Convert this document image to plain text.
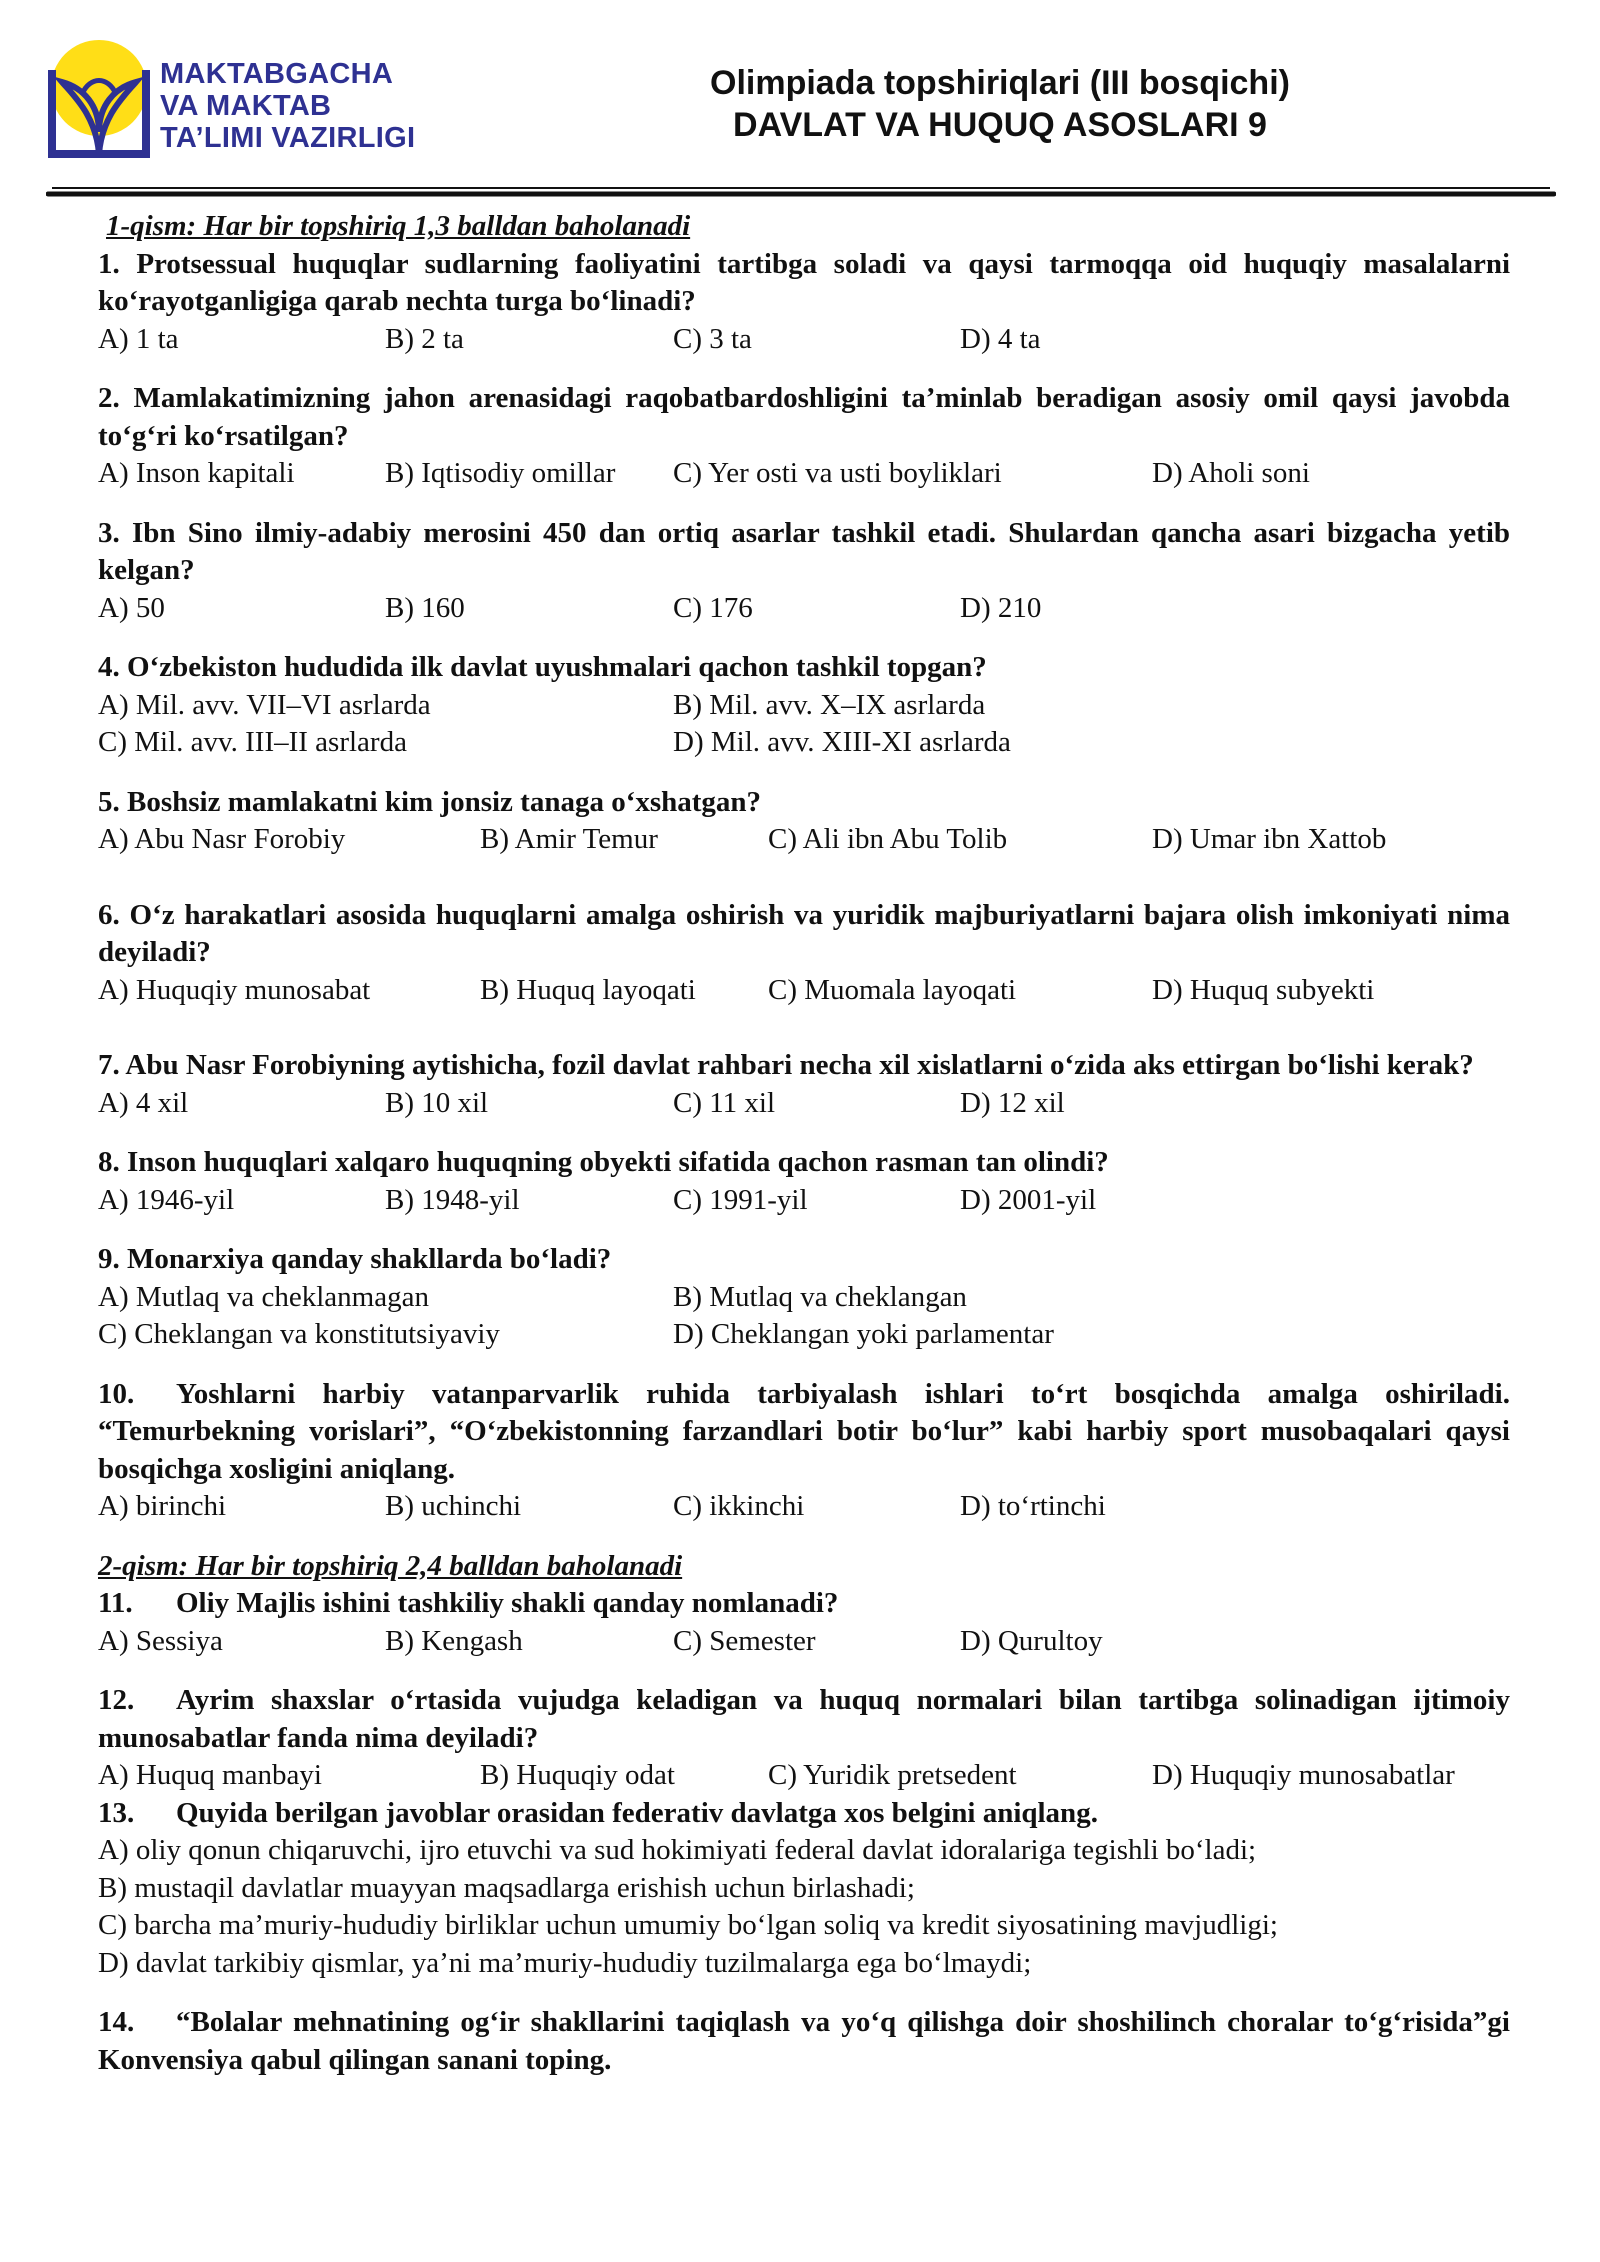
MAKTABGACHA
VA MAKTAB
TA’LIMI VAZIRLIGI
Olimpiada topshiriqlari (III bosqichi)
DAVLAT VA HUQUQ ASOSLARI 9

1-qism: Har bir topshiriq 1,3 balldan baholanadi

1. Protsessual huquqlar sudlarning faoliyatini tartibga soladi va qaysi tarmoqqa oid huquqiy masalalarni ko‘rayotganligiga qarab nechta turga bo‘linadi?

A) 1 ta	B) 2 ta	C) 3 ta	D) 4 ta

2. Mamlakatimizning jahon arenasidagi raqobatbardoshligini ta’minlab beradigan asosiy omil qaysi javobda to‘g‘ri ko‘rsatilgan?

A) Inson kapitali	B) Iqtisodiy omillar C) Yer osti va usti boyliklari	D) Aholi soni

3. Ibn Sino ilmiy-adabiy merosini 450 dan ortiq asarlar tashkil etadi. Shulardan qancha asari bizgacha yetib kelgan?

A) 50	B) 160	C) 176	D) 210

4. O‘zbekiston hududida ilk davlat uyushmalari qachon tashkil topgan?

A) Mil. avv. VII–VI asrlarda	B) Mil. avv. X–IX asrlarda
C) Mil. avv. III–II asrlarda	D) Mil. avv. XIII-XI asrlarda

5. Boshsiz mamlakatni kim jonsiz tanaga o‘xshatgan?

A) Abu Nasr Forobiy	B) Amir Temur	C) Ali ibn Abu Tolib	D) Umar ibn Xattob

6. O‘z harakatlari asosida huquqlarni amalga oshirish va yuridik majburiyatlarni bajara olish imkoniyati nima deyiladi?

A) Huquqiy munosabat	B) Huquq layoqati C) Muomala layoqati	D) Huquq subyekti

7. Abu Nasr Forobiyning aytishicha, fozil davlat rahbari necha xil xislatlarni o‘zida aks ettirgan bo‘lishi kerak?

A) 4 xil	B) 10 xil	C) 11 xil	D) 12 xil

8. Inson huquqlari xalqaro huquqning obyekti sifatida qachon rasman tan olindi?

A) 1946-yil	B) 1948-yil	C) 1991-yil	D) 2001-yil

9. Monarxiya qanday shakllarda bo‘ladi?

A) Mutlaq va cheklanmagan	B) Mutlaq va cheklangan
C) Cheklangan va konstitutsiyaviy	D) Cheklangan yoki parlamentar

10. Yoshlarni harbiy vatanparvarlik ruhida tarbiyalash ishlari to‘rt bosqichda amalga oshiriladi. “Temurbekning vorislari”, “O‘zbekistonning farzandlari botir bo‘lur” kabi harbiy sport musobaqalari qaysi bosqichga xosligini aniqlang.

A) birinchi	B) uchinchi	C) ikkinchi	D) to‘rtinchi

2-qism: Har bir topshiriq 2,4 balldan baholanadi

11. Oliy Majlis ishini tashkiliy shakli qanday nomlanadi?

A) Sessiya	B) Kengash	C) Semester	D) Qurultoy

12. Ayrim shaxslar o‘rtasida vujudga keladigan va huquq normalari bilan tartibga solinadigan ijtimoiy munosabatlar fanda nima deyiladi?

A) Huquq manbayi	B) Huquqiy odat	C) Yuridik pretsedent	D) Huquqiy munosabatlar

13. Quyida berilgan javoblar orasidan federativ davlatga xos belgini aniqlang.

A) oliy qonun chiqaruvchi, ijro etuvchi va sud hokimiyati federal davlat idoralariga tegishli bo‘ladi;

B) mustaqil davlatlar muayyan maqsadlarga erishish uchun birlashadi;

C) barcha ma’muriy-hududiy birliklar uchun umumiy bo‘lgan soliq va kredit siyosatining mavjudligi;

D) davlat tarkibiy qismlar, ya’ni ma’muriy-hududiy tuzilmalarga ega bo‘lmaydi;

14. “Bolalar mehnatining og‘ir shakllarini taqiqlash va yo‘q qilishga doir shoshilinch choralar to‘g‘risida”gi Konvensiya qabul qilingan sanani toping.
